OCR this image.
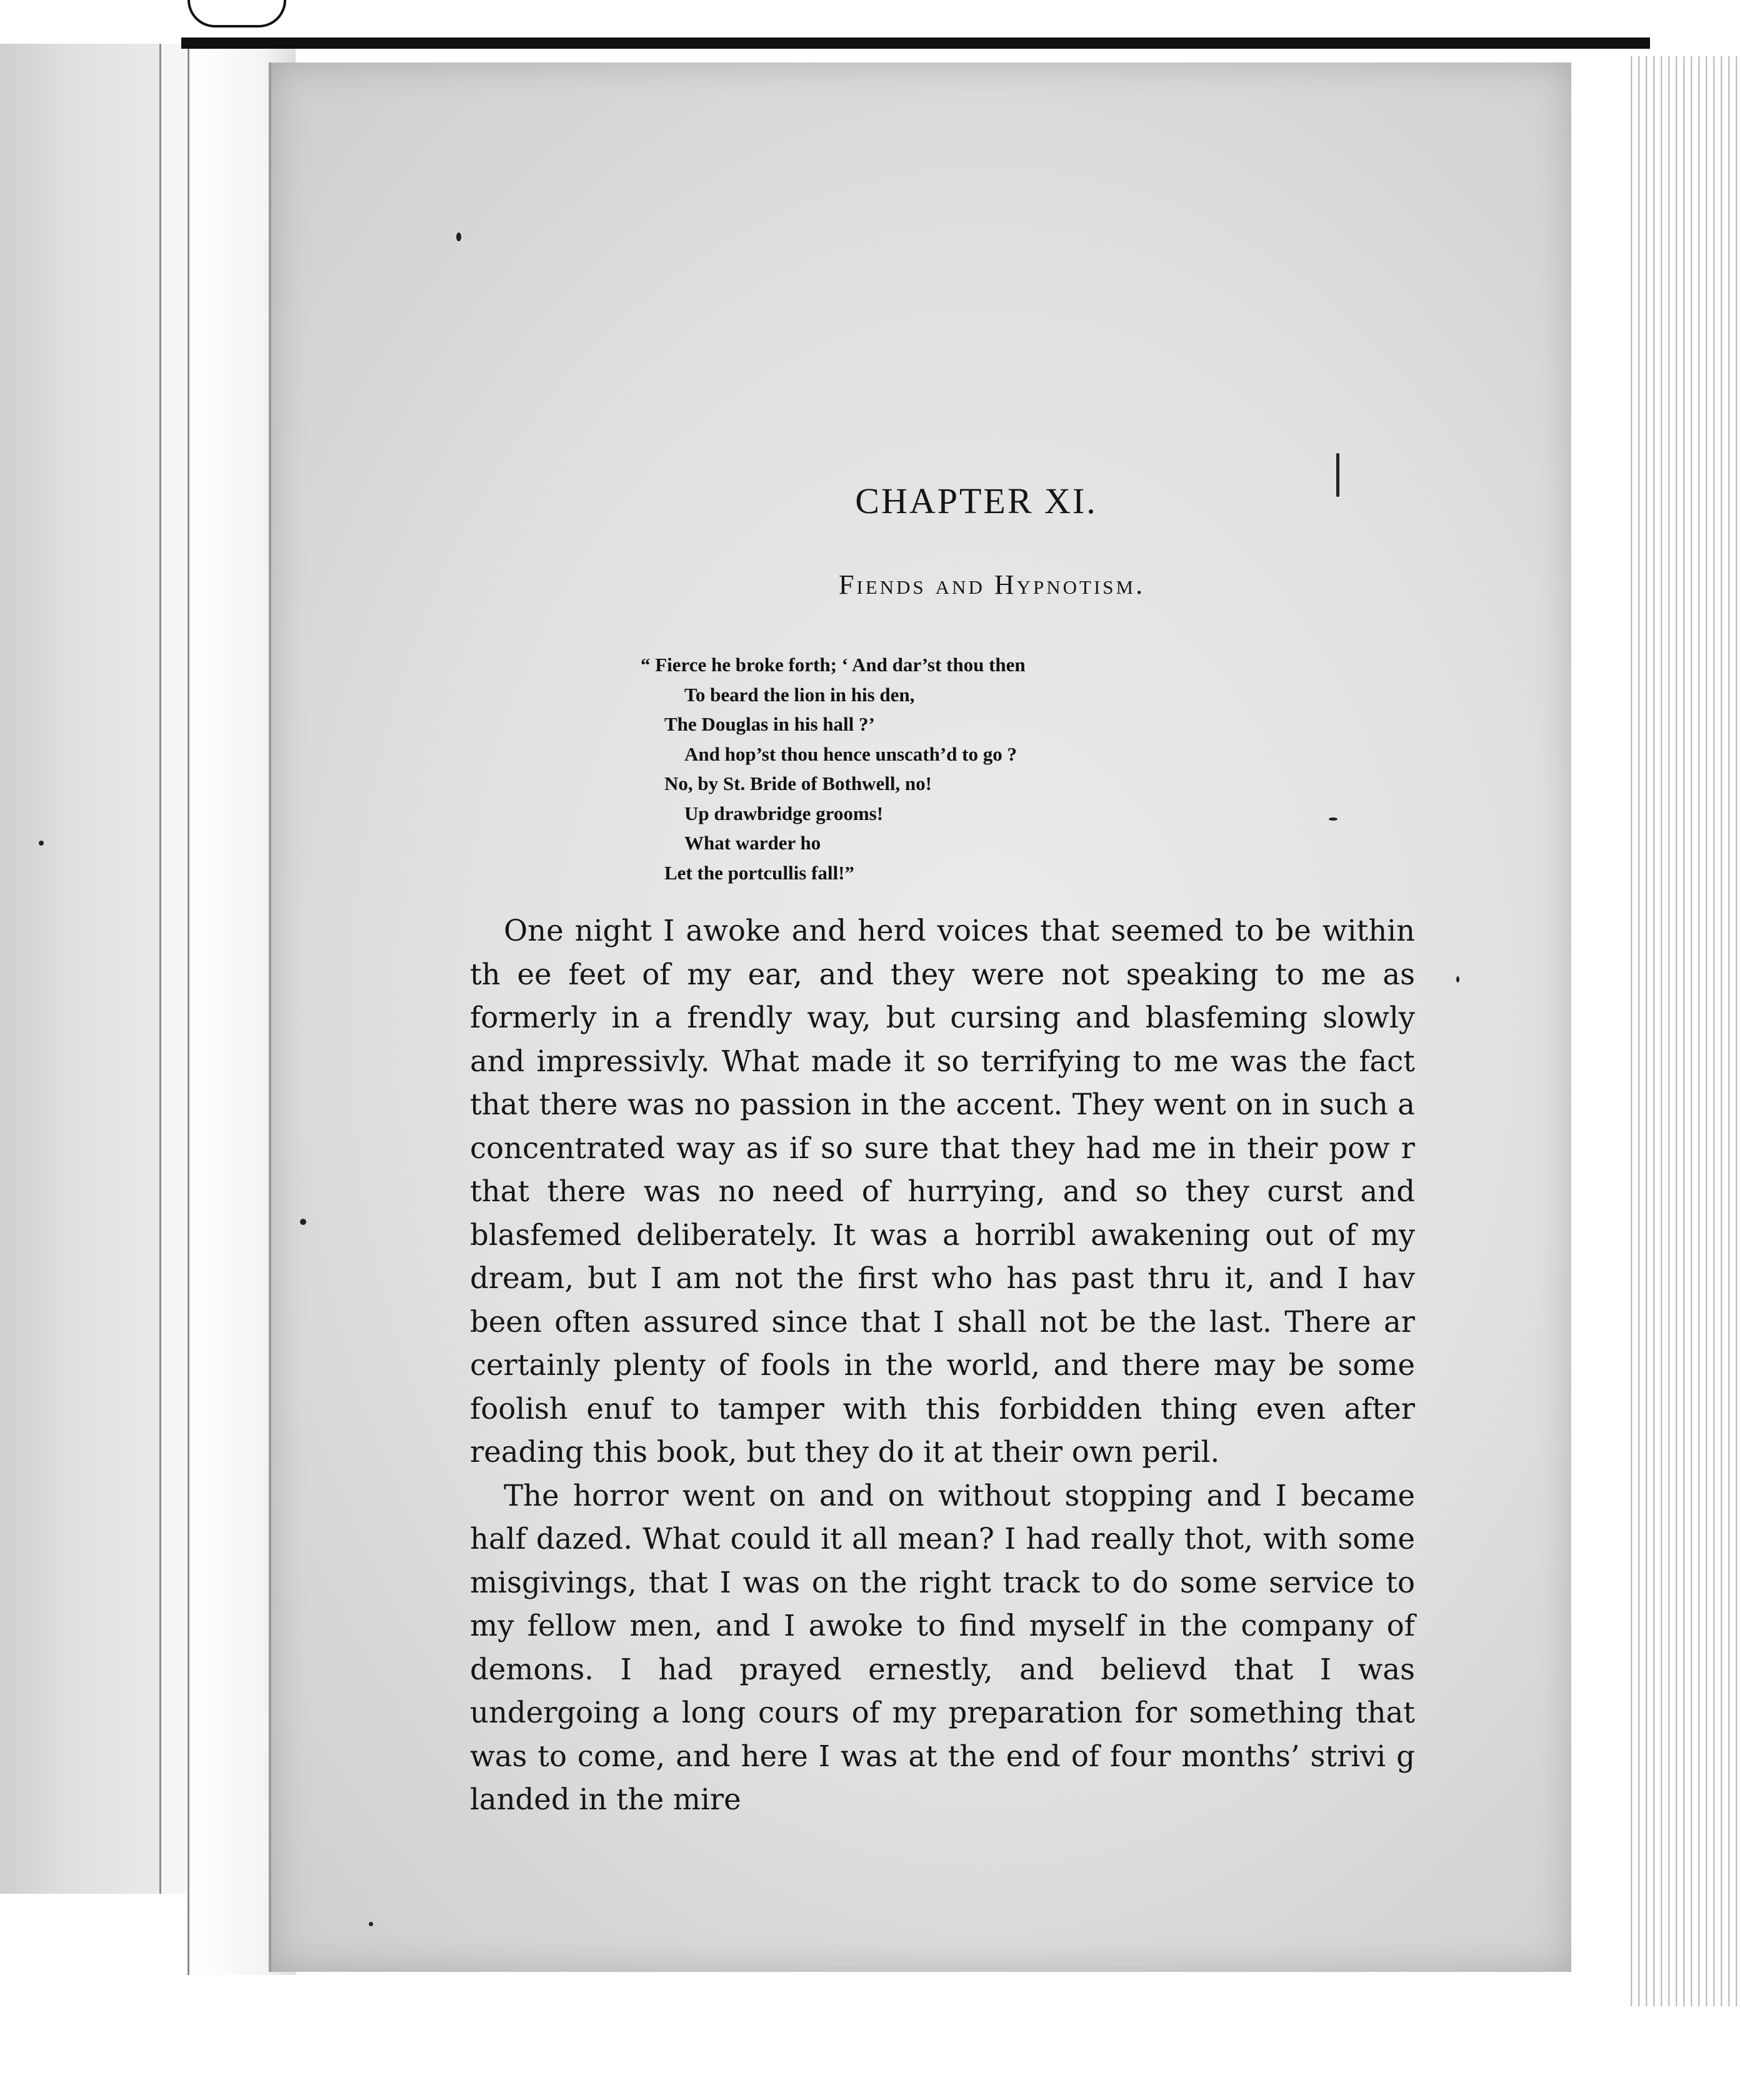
CHAPTER XI.
Fiends and Hypnotism.
“ Fierce he broke forth; ‘ And dar’st thou then
To beard the lion in his den,
The Douglas in his hall ?’
And hop’st thou hence unscath’d to go ?
No, by St. Bride of Bothwell, no!
Up drawbridge grooms!
What warder ho
Let the portcullis fall!”

One night I awoke and herd voices that seemed to be within th ee feet of my ear, and they were not speaking to me as formerly in a frendly way, but cursing and blasfeming slowly and impressivly. What made it so terrifying to me was the fact that there was no passion in the accent. They went on in such a concentrated way as if so sure that they had me in their pow r that there was no need of hurrying, and so they curst and blasfemed deliberately. It was a horribl awakening out of my dream, but I am not the first who has past thru it, and I hav been often assured since that I shall not be the last. There ar certainly plenty of fools in the world, and there may be some foolish enuf to tamper with this forbidden thing even after reading this book, but they do it at their own peril.

The horror went on and on without stopping and I became half dazed. What could it all mean? I had really thot, with some misgivings, that I was on the right track to do some service to my fellow men, and I awoke to find myself in the company of demons. I had prayed ernestly, and believd that I was undergoing a long cours of my preparation for something that was to come, and here I was at the end of four months’ strivi g landed in the mire
